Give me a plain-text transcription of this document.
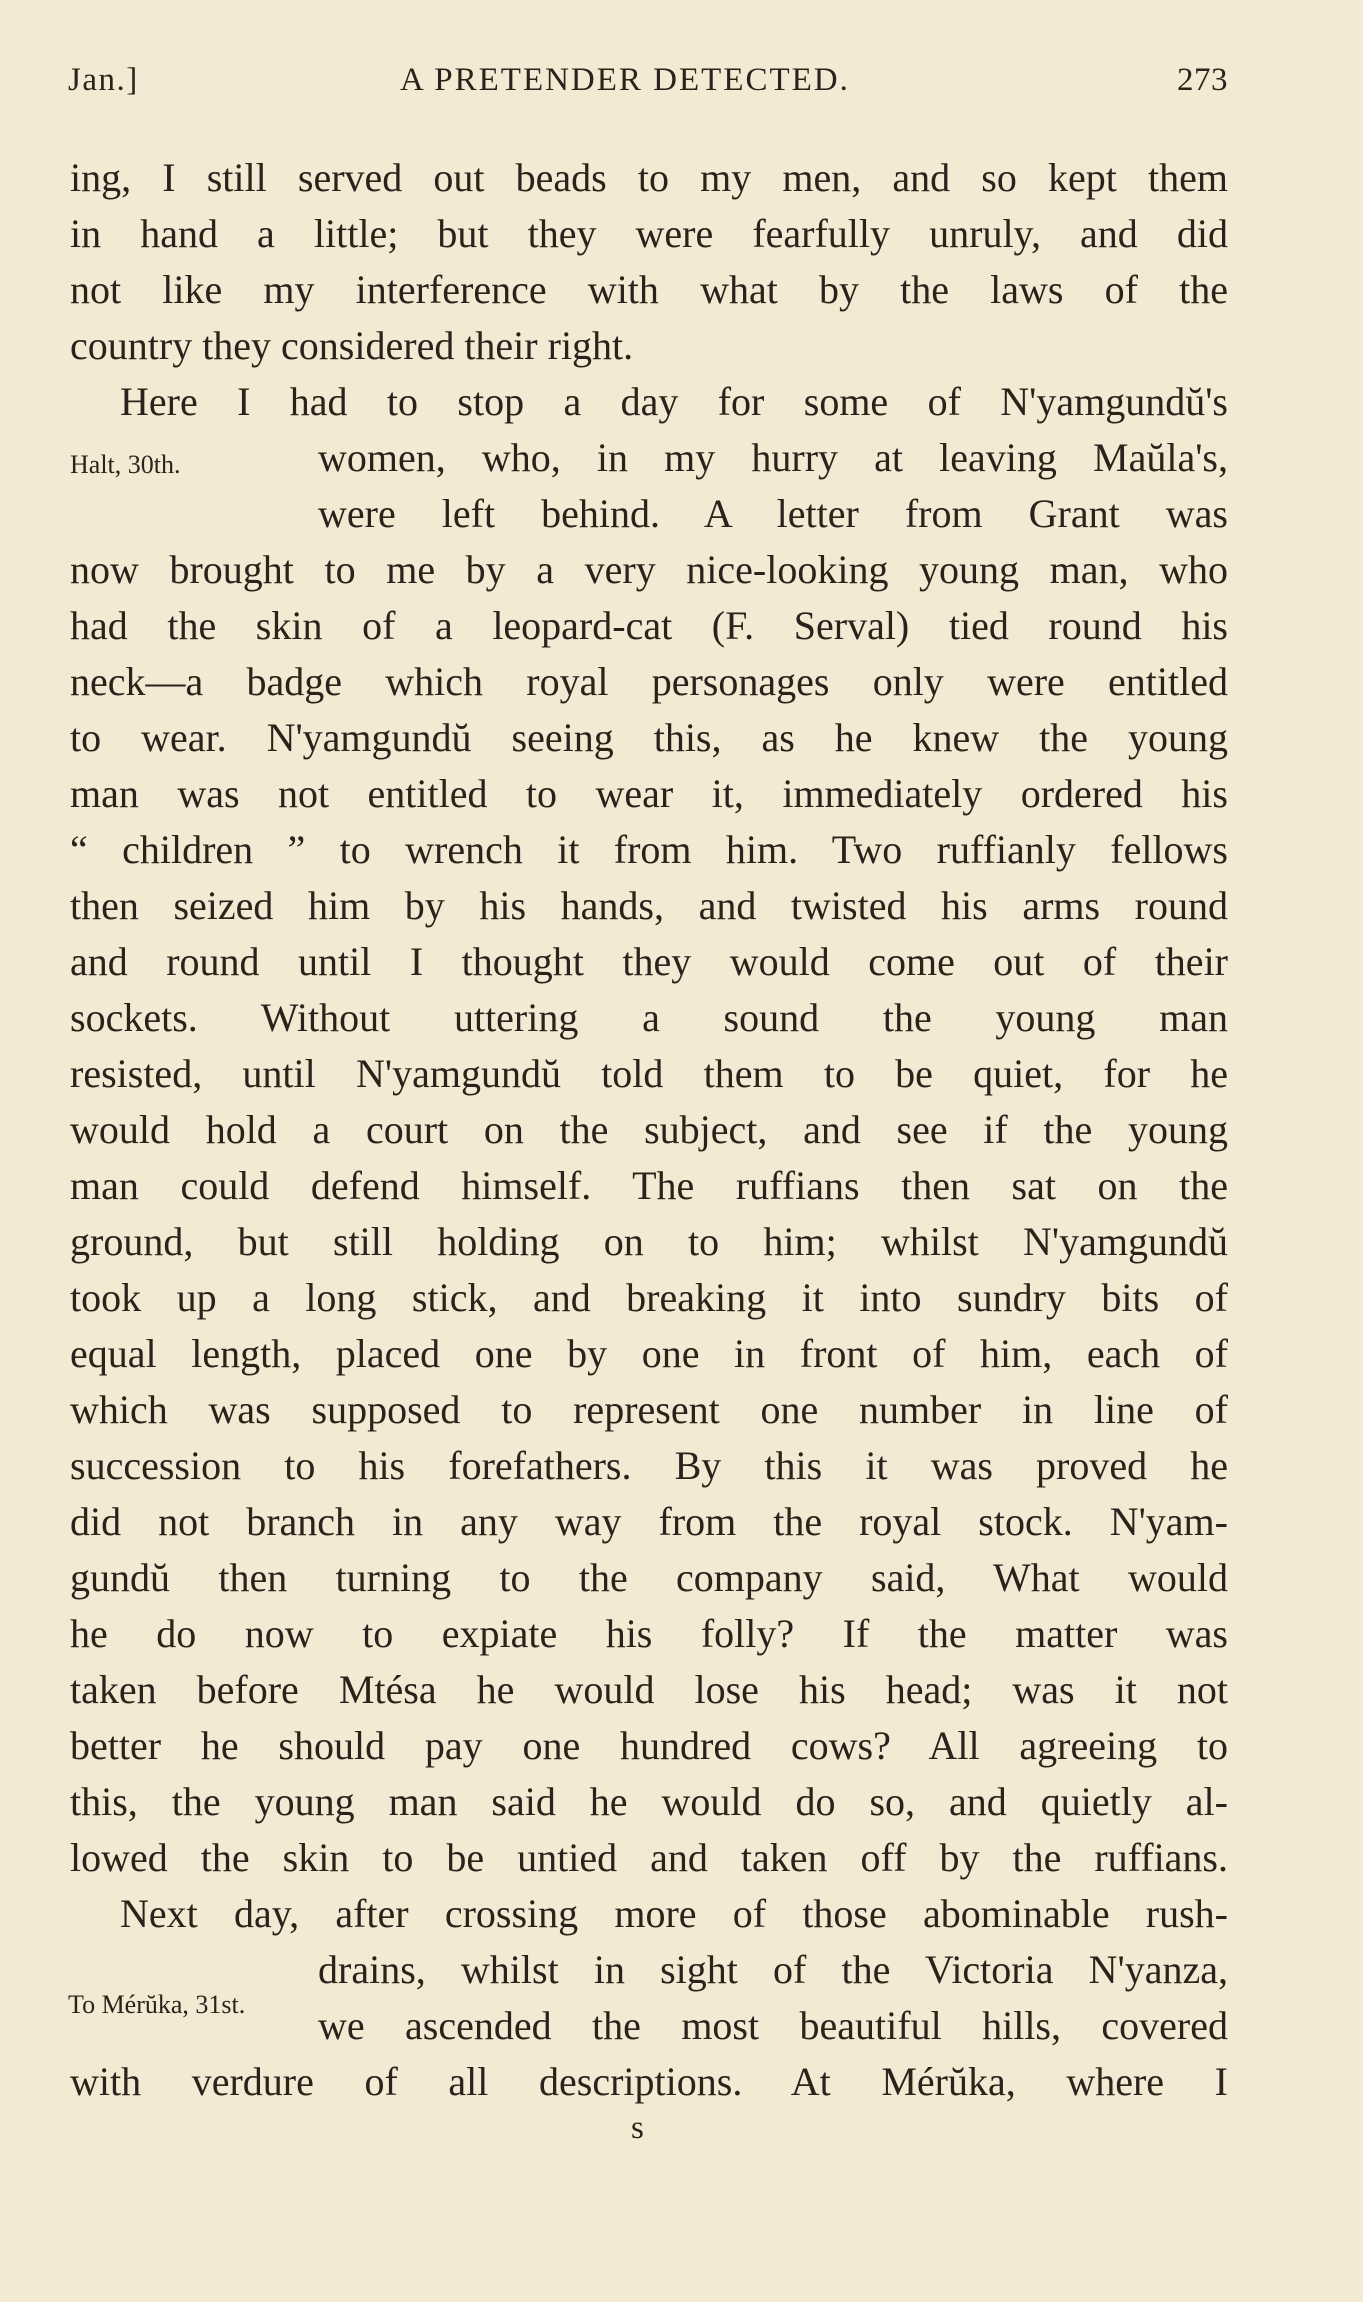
Jan.]	A PRETENDER DETECTED.	273
Halt, 30th.
To Mérŭka, 31st.
ing, I still served out beads to my men, and so kept them
in hand a little; but they were fearfully unruly, and did
not like my interference with what by the laws of the
country they considered their right.
Here I had to stop a day for some of N'yamgundŭ's
women, who, in my hurry at leaving Maŭla's,
were left behind. A letter from Grant was
now brought to me by a very nice-looking young man, who
had the skin of a leopard-cat (F. Serval) tied round his
neck—a badge which royal personages only were entitled
to wear. N'yamgundŭ seeing this, as he knew the young
man was not entitled to wear it, immediately ordered his
“ children ” to wrench it from him. Two ruffianly fellows
then seized him by his hands, and twisted his arms round
and round until I thought they would come out of their
sockets. Without uttering a sound the young man
resisted, until N'yamgundŭ told them to be quiet, for he
would hold a court on the subject, and see if the young
man could defend himself. The ruffians then sat on the
ground, but still holding on to him; whilst N'yamgundŭ
took up a long stick, and breaking it into sundry bits of
equal length, placed one by one in front of him, each of
which was supposed to represent one number in line of
succession to his forefathers. By this it was proved he
did not branch in any way from the royal stock. N'yam-
gundŭ then turning to the company said, What would
he do now to expiate his folly? If the matter was
taken before Mtésa he would lose his head; was it not
better he should pay one hundred cows? All agreeing to
this, the young man said he would do so, and quietly al-
lowed the skin to be untied and taken off by the ruffians.
Next day, after crossing more of those abominable rush-
drains, whilst in sight of the Victoria N'yanza,
we ascended the most beautiful hills, covered
with verdure of all descriptions. At Mérŭka, where I
s
